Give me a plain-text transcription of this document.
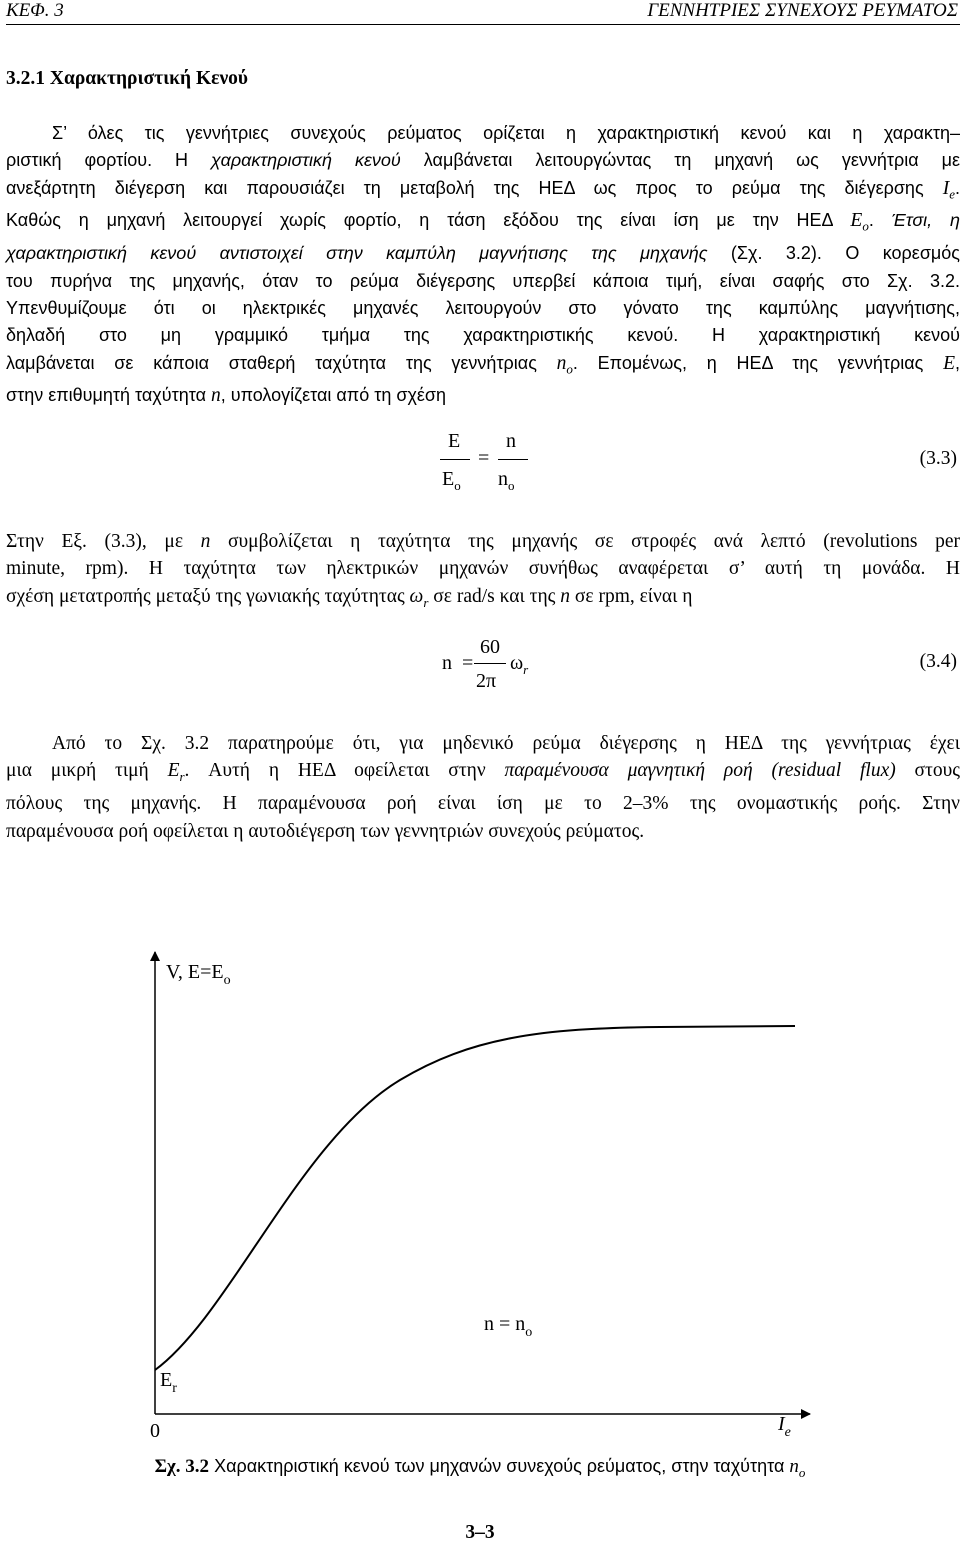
ΚΕΦ. 3	ΓΕΝΝΗΤΡΙΕΣ ΣΥΝΕΧΟΥΣ ΡΕΥΜΑΤΟΣ
3.2.1 Χαρακτηριστική Κενού
Σ’ όλες τις γεννήτριες συνεχούς ρεύματος ορίζεται η χαρακτηριστική κενού και η χαρακτη–
ριστική φορτίου. Η χαρακτηριστική κενού λαμβάνεται λειτουργώντας τη μηχανή ως γεννήτρια με
ανεξάρτητη διέγερση και παρουσιάζει τη μεταβολή της ΗΕΔ ως προς το ρεύμα της διέγερσης $I_e$.
Καθώς η μηχανή λειτουργεί χωρίς φορτίο, η τάση εξόδου της είναι ίση με την ΗΕΔ $E_o$. Έτσι, η
χαρακτηριστική κενού αντιστοιχεί στην καμπύλη μαγνήτισης της μηχανής (Σχ. 3.2). Ο κορεσμός
του πυρήνα της μηχανής, όταν το ρεύμα διέγερσης υπερβεί κάποια τιμή, είναι σαφής στο Σχ. 3.2.
Υπενθυμίζουμε ότι οι ηλεκτρικές μηχανές λειτουργούν στο γόνατο της καμπύλης μαγνήτισης,
δηλαδή στο μη γραμμικό τμήμα της χαρακτηριστικής κενού. Η χαρακτηριστική κενού
λαμβάνεται σε κάποια σταθερή ταχύτητα της γεννήτριας $n_o$. Επομένως, η ΗΕΔ της γεννήτριας E,
στην επιθυμητή ταχύτητα n, υπολογίζεται από τη σχέση
E
$E_o$
=
n
$n_o$
(3.3)
Στην Εξ. (3.3), με n συμβολίζεται η ταχύτητα της μηχανής σε στροφές ανά λεπτό (revolutions per
minute, rpm). Η ταχύτητα των ηλεκτρικών μηχανών συνήθως αναφέρεται σ’ αυτή τη μονάδα. Η
σχέση μετατροπής μεταξύ της γωνιακής ταχύτητας $\omega_r$ σε rad/s και της n σε rpm, είναι η
n =
60
2π
$\omega_r$	(3.4)
Από το Σχ. 3.2 παρατηρούμε ότι, για μηδενικό ρεύμα διέγερσης η ΗΕΔ της γεννήτριας έχει
μια μικρή τιμή $E_r$. Αυτή η ΗΕΔ οφείλεται στην παραμένουσα μαγνητική ροή (residual flux) στους
πόλους της μηχανής. Η παραμένουσα ροή είναι ίση με το 2–3% της ονομαστικής ροής. Στην
παραμένουσα ροή οφείλεται η αυτοδιέγερση των γεννητριών συνεχούς ρεύματος.
V, $E=E_o$
$n = n_o$
$E_r$
0	$I_e$
Σχ. 3.2 Χαρακτηριστική κενού των μηχανών συνεχούς ρεύματος, στην ταχύτητα $n_o$
3–3
